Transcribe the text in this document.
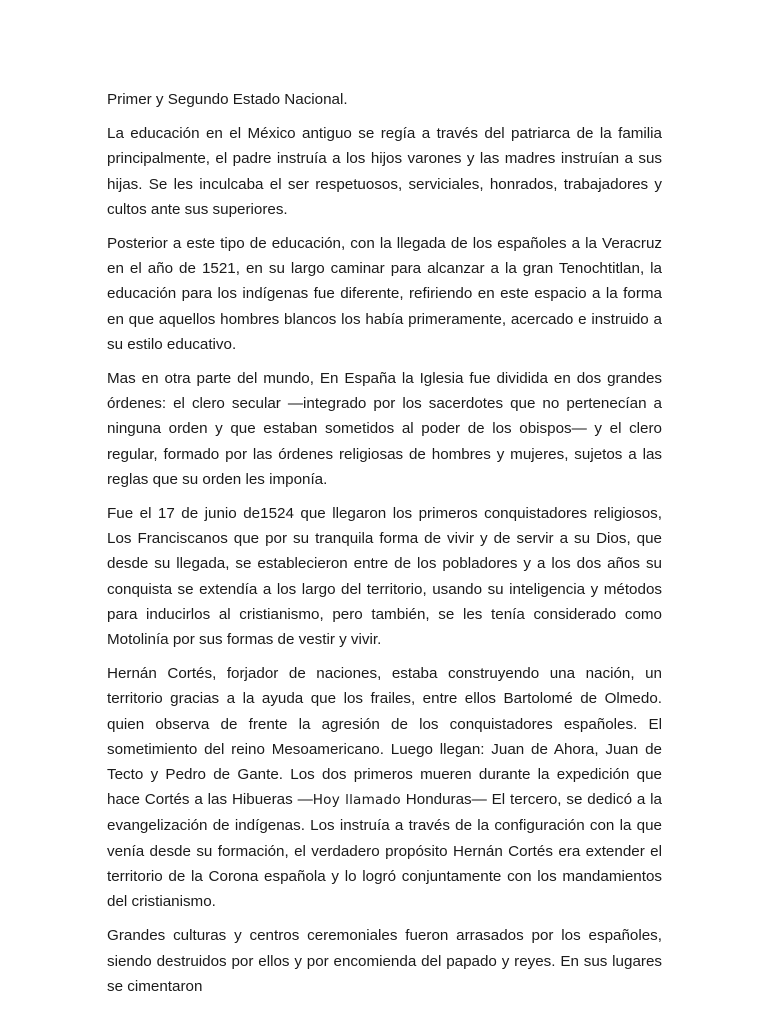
Primer y Segundo Estado Nacional.

La educación en el México antiguo se regía a través del patriarca de la familia principalmente, el padre instruía a los hijos varones y las madres instruían a sus hijas. Se les inculcaba el ser respetuosos, serviciales, honrados, trabajadores y cultos ante sus superiores.

Posterior a este tipo de educación, con la llegada de los españoles a la Veracruz en el año de 1521, en su largo caminar para alcanzar a la gran Tenochtitlan, la educación para los indígenas fue diferente, refiriendo en este espacio a la forma en que aquellos hombres blancos los había primeramente, acercado e instruido a su estilo educativo.

Mas en otra parte del mundo, En España la Iglesia fue dividida en dos grandes órdenes: el clero secular —integrado por los sacerdotes que no pertenecían a ninguna orden y que estaban sometidos al poder de los obispos— y el clero regular, formado por las órdenes religiosas de hombres y mujeres, sujetos a las reglas que su orden les imponía.

Fue el 17 de junio de1524 que llegaron los primeros conquistadores religiosos, Los Franciscanos que por su tranquila forma de vivir y de servir a su Dios, que desde su llegada, se establecieron entre de los pobladores y a los dos años su conquista se extendía a los largo del territorio, usando su inteligencia y métodos para inducirlos al cristianismo, pero también, se les tenía considerado como Motolinía por sus formas de vestir y vivir.

Hernán Cortés, forjador de naciones, estaba construyendo una nación, un territorio gracias a la ayuda que los frailes, entre ellos Bartolomé de Olmedo. quien observa de frente la agresión de los conquistadores españoles. El sometimiento del reino Mesoamericano. Luego llegan: Juan de Ahora, Juan de Tecto y Pedro de Gante. Los dos primeros mueren durante la expedición que hace Cortés a las Hibueras —Hoy llamado Honduras— El tercero, se dedicó a la evangelización de indígenas. Los instruía a través de la configuración con la que venía desde su formación, el verdadero propósito Hernán Cortés era extender el territorio de la Corona española y lo logró conjuntamente con los mandamientos del cristianismo.

Grandes culturas y centros ceremoniales fueron arrasados por los españoles, siendo destruidos por ellos y por encomienda del papado y reyes. En sus lugares se cimentaron
